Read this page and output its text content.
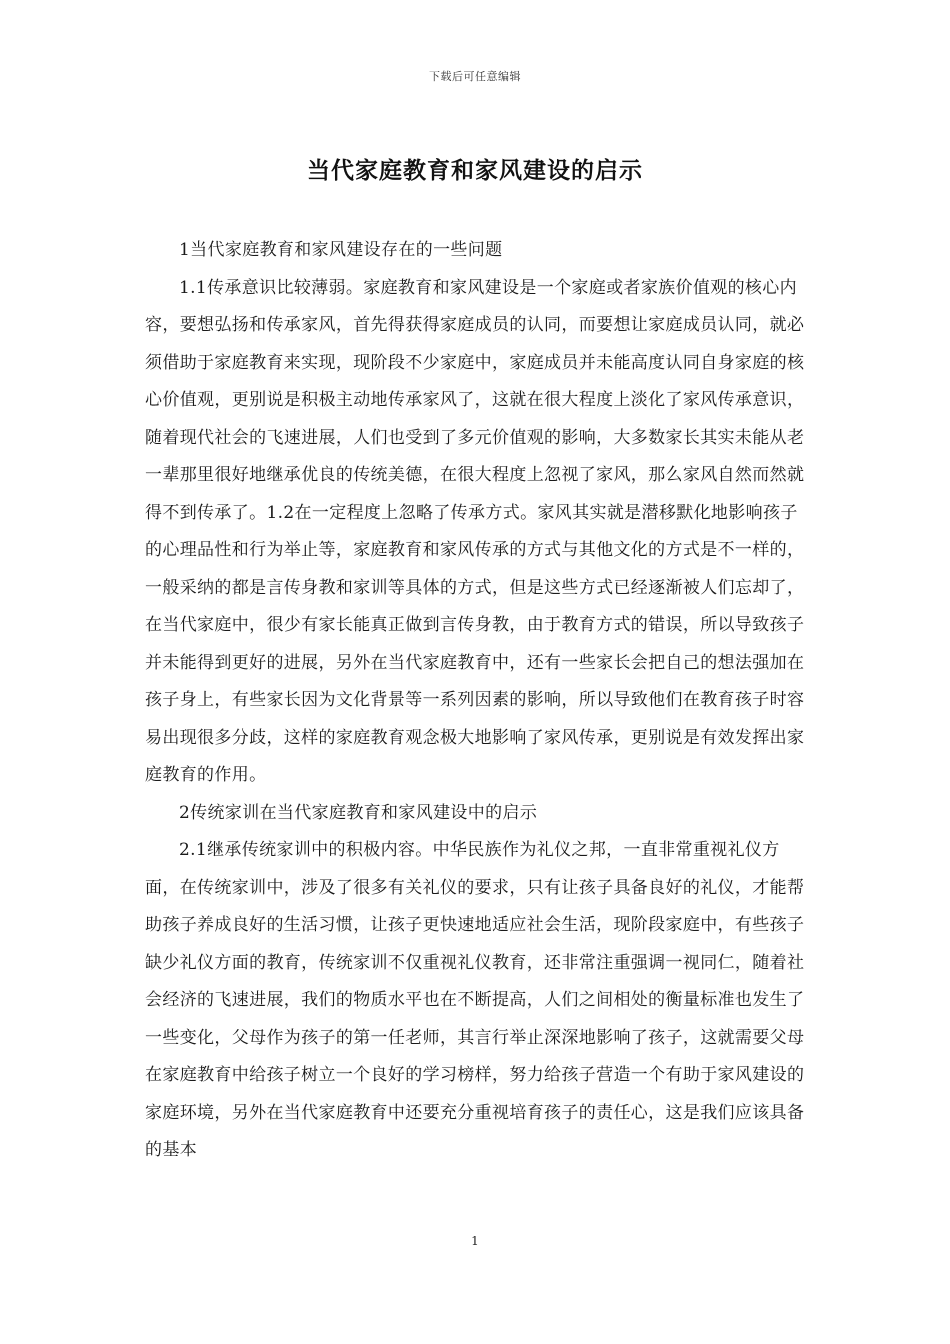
下载后可任意编辑
当代家庭教育和家风建设的启示

1当代家庭教育和家风建设存在的一些问题

1.1传承意识比较薄弱。家庭教育和家风建设是一个家庭或者家族价值观的核心内容，要想弘扬和传承家风，首先得获得家庭成员的认同，而要想让家庭成员认同，就必须借助于家庭教育来实现，现阶段不少家庭中，家庭成员并未能高度认同自身家庭的核心价值观，更别说是积极主动地传承家风了，这就在很大程度上淡化了家风传承意识，随着现代社会的飞速进展，人们也受到了多元价值观的影响，大多数家长其实未能从老一辈那里很好地继承优良的传统美德，在很大程度上忽视了家风，那么家风自然而然就得不到传承了。1.2在一定程度上忽略了传承方式。家风其实就是潜移默化地影响孩子的心理品性和行为举止等，家庭教育和家风传承的方式与其他文化的方式是不一样的，一般采纳的都是言传身教和家训等具体的方式，但是这些方式已经逐渐被人们忘却了，在当代家庭中，很少有家长能真正做到言传身教，由于教育方式的错误，所以导致孩子并未能得到更好的进展，另外在当代家庭教育中，还有一些家长会把自己的想法强加在孩子身上，有些家长因为文化背景等一系列因素的影响，所以导致他们在教育孩子时容易出现很多分歧，这样的家庭教育观念极大地影响了家风传承，更别说是有效发挥出家庭教育的作用。

2传统家训在当代家庭教育和家风建设中的启示

2.1继承传统家训中的积极内容。中华民族作为礼仪之邦，一直非常重视礼仪方面，在传统家训中，涉及了很多有关礼仪的要求，只有让孩子具备良好的礼仪，才能帮助孩子养成良好的生活习惯，让孩子更快速地适应社会生活，现阶段家庭中，有些孩子缺少礼仪方面的教育，传统家训不仅重视礼仪教育，还非常注重强调一视同仁，随着社会经济的飞速进展，我们的物质水平也在不断提高，人们之间相处的衡量标准也发生了一些变化，父母作为孩子的第一任老师，其言行举止深深地影响了孩子，这就需要父母在家庭教育中给孩子树立一个良好的学习榜样，努力给孩子营造一个有助于家风建设的家庭环境，另外在当代家庭教育中还要充分重视培育孩子的责任心，这是我们应该具备的基本

1
